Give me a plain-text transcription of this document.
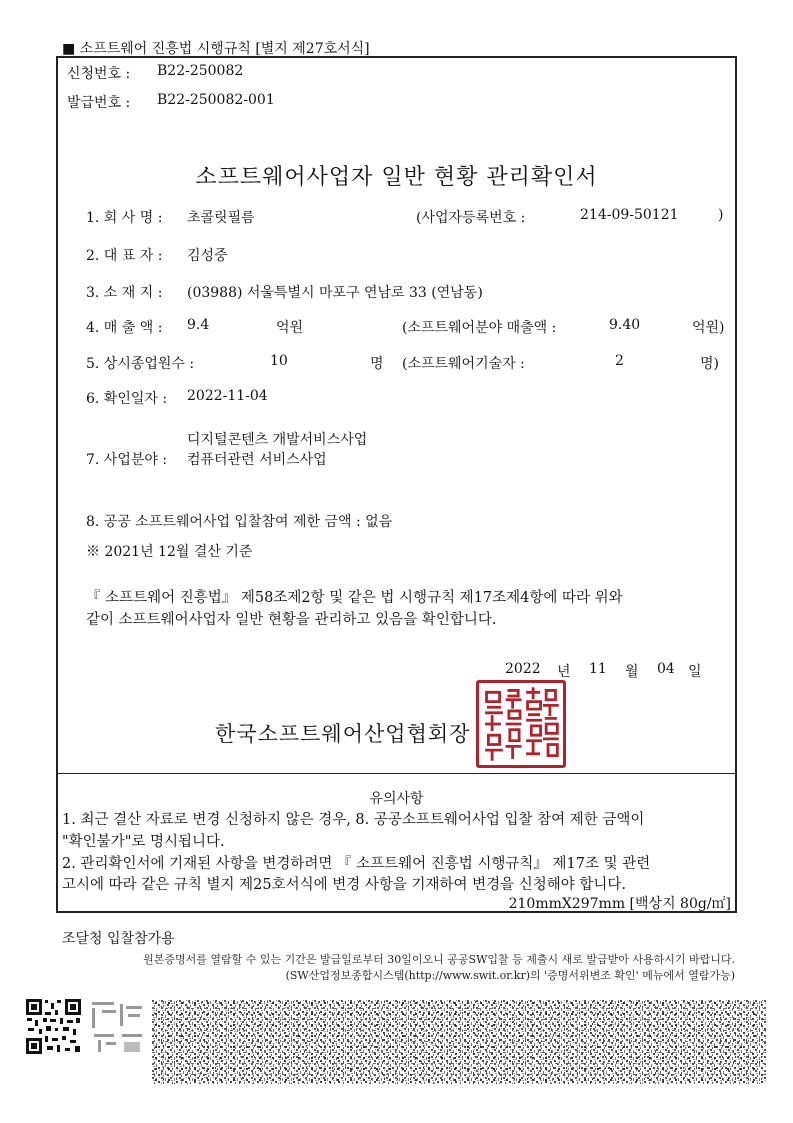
■ 소프트웨어 진흥법 시행규칙 [별지 제27호서식]
신청번호 : B22-250082
발급번호 : B22-250082-001
소프트웨어사업자 일반 현황 관리확인서
1. 회 사 명 : 초콜릿필름	(사업자등록번호 :	214-09-50121	)
2. 대 표 자 : 김성중
3. 소 재 지 : (03988) 서울특별시 마포구 연남로 33 (연남동)
4. 매 출 액 : 9.4	억원	(소프트웨어분야 매출액 :	9.40	억원)
5. 상시종업원수 :	10	명 (소프트웨어기술자 :	2	명)
6. 확인일자 : 2022-11-04
디지털콘텐츠 개발서비스사업
7. 사업분야 : 컴퓨터관련 서비스사업
8. 공공 소프트웨어사업 입찰참여 제한 금액 : 없음
※ 2021년 12월 결산 기준
『 소프트웨어 진흥법』 제58조제2항 및 같은 법 시행규칙 제17조제4항에 따라 위와
같이 소프트웨어사업자 일반 현황을 관리하고 있음을 확인합니다.
2022 년 11 월 04 일
한국소프트웨어산업협회장
유의사항
1. 최근 결산 자료로 변경 신청하지 않은 경우, 8. 공공소프트웨어사업 입찰 참여 제한 금액이
"확인불가"로 명시됩니다.
2. 관리확인서에 기재된 사항을 변경하려면 『 소프트웨어 진흥법 시행규칙』 제17조 및 관련
고시에 따라 같은 규칙 별지 제25호서식에 변경 사항을 기재하여 변경을 신청해야 합니다.
210mmX297mm [백상지 80g/㎡]
조달청 입찰참가용
원본증명서를 열람할 수 있는 기간은 발급일로부터 30일이오니 공공SW입찰 등 제출시 새로 발급받아 사용하시기 바랍니다.
(SW산업정보종합시스템(http://www.swit.or.kr)의 '증명서위변조 확인' 메뉴에서 열람가능)
